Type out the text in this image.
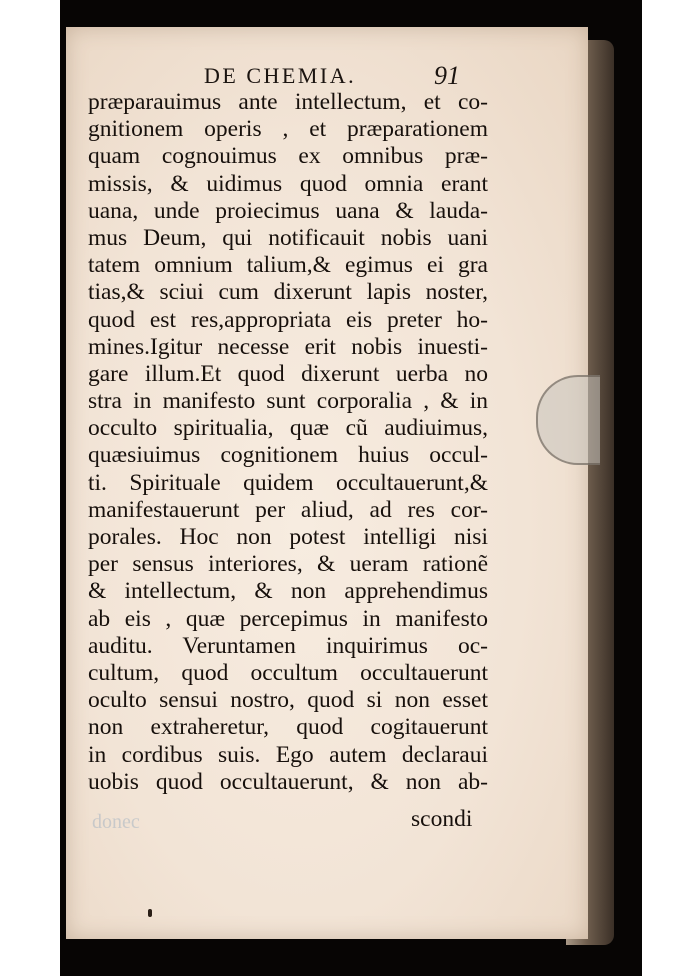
DE CHEMIA.	91
præparauimus ante intellectum, et co-
gnitionem operis , et præparationem
quam cognouimus ex omnibus præ-
missis, & uidimus quod omnia erant
uana, unde proiecimus uana & lauda-
mus Deum, qui notificauit nobis uani
tatem omnium talium,& egimus ei gra
tias,& sciui cum dixerunt lapis noster,
quod est res,appropriata eis preter ho-
mines.Igitur necesse erit nobis inuesti-
gare illum.Et quod dixerunt uerba no
stra in manifesto sunt corporalia , & in
occulto spiritualia, quæ cũ audiuimus,
quæsiuimus cognitionem huius occul-
ti. Spirituale quidem occultauerunt,&
manifestauerunt per aliud, ad res cor-
porales. Hoc non potest intelligi nisi
per sensus interiores, & ueram rationẽ
& intellectum, & non apprehendimus
ab eis , quæ percepimus in manifesto
auditu. Veruntamen inquirimus oc-
cultum, quod occultum occultauerunt
oculto sensui nostro, quod si non esset
non extraheretur, quod cogitauerunt
in cordibus suis. Ego autem declaraui
uobis quod occultauerunt, & non ab-
donec	scondi
